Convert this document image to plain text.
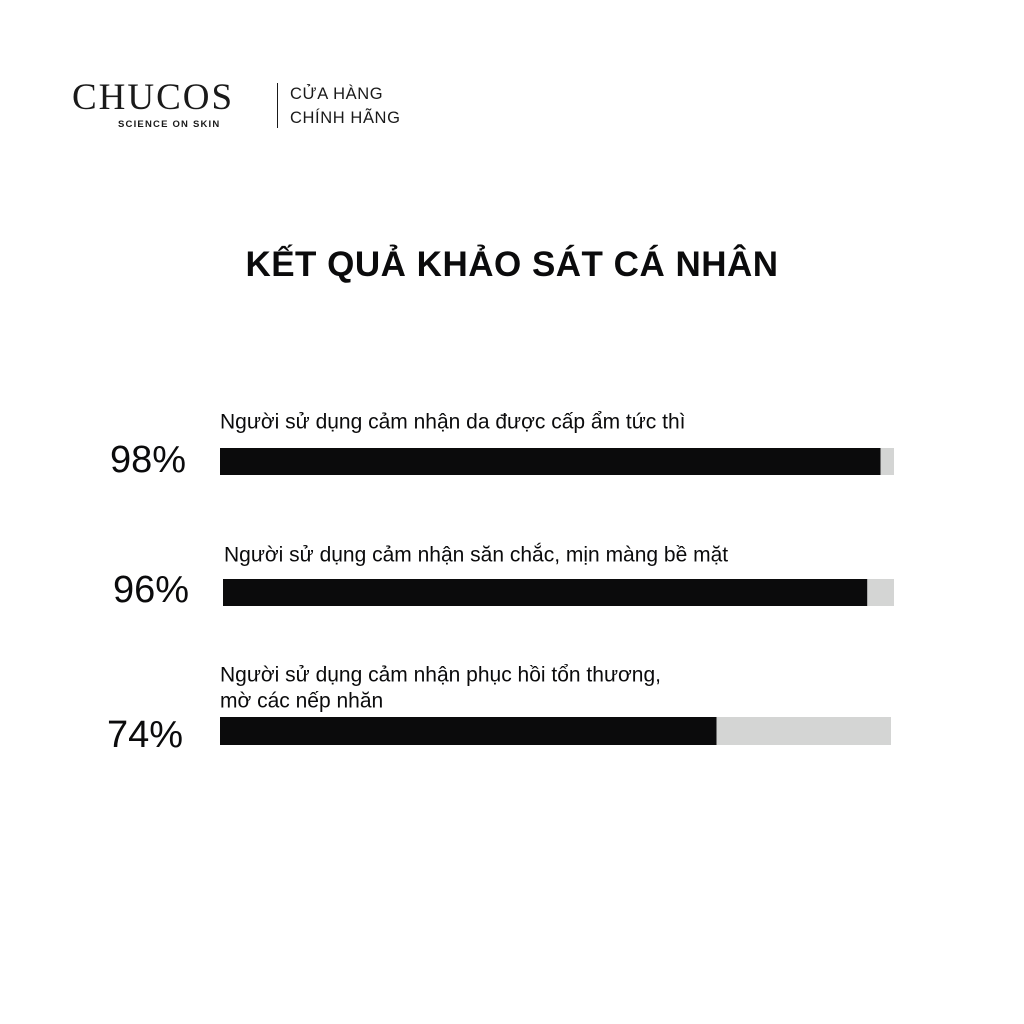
CHUCOS
SCIENCE ON SKIN
CỬA HÀNG
CHÍNH HÃNG
KẾT QUẢ KHẢO SÁT CÁ NHÂN
98%
Người sử dụng cảm nhận da được cấp ẩm tức thì
96%
Người sử dụng cảm nhận săn chắc, mịn màng bề mặt
74%
Người sử dụng cảm nhận phục hồi tổn thương,
mờ các nếp nhăn
